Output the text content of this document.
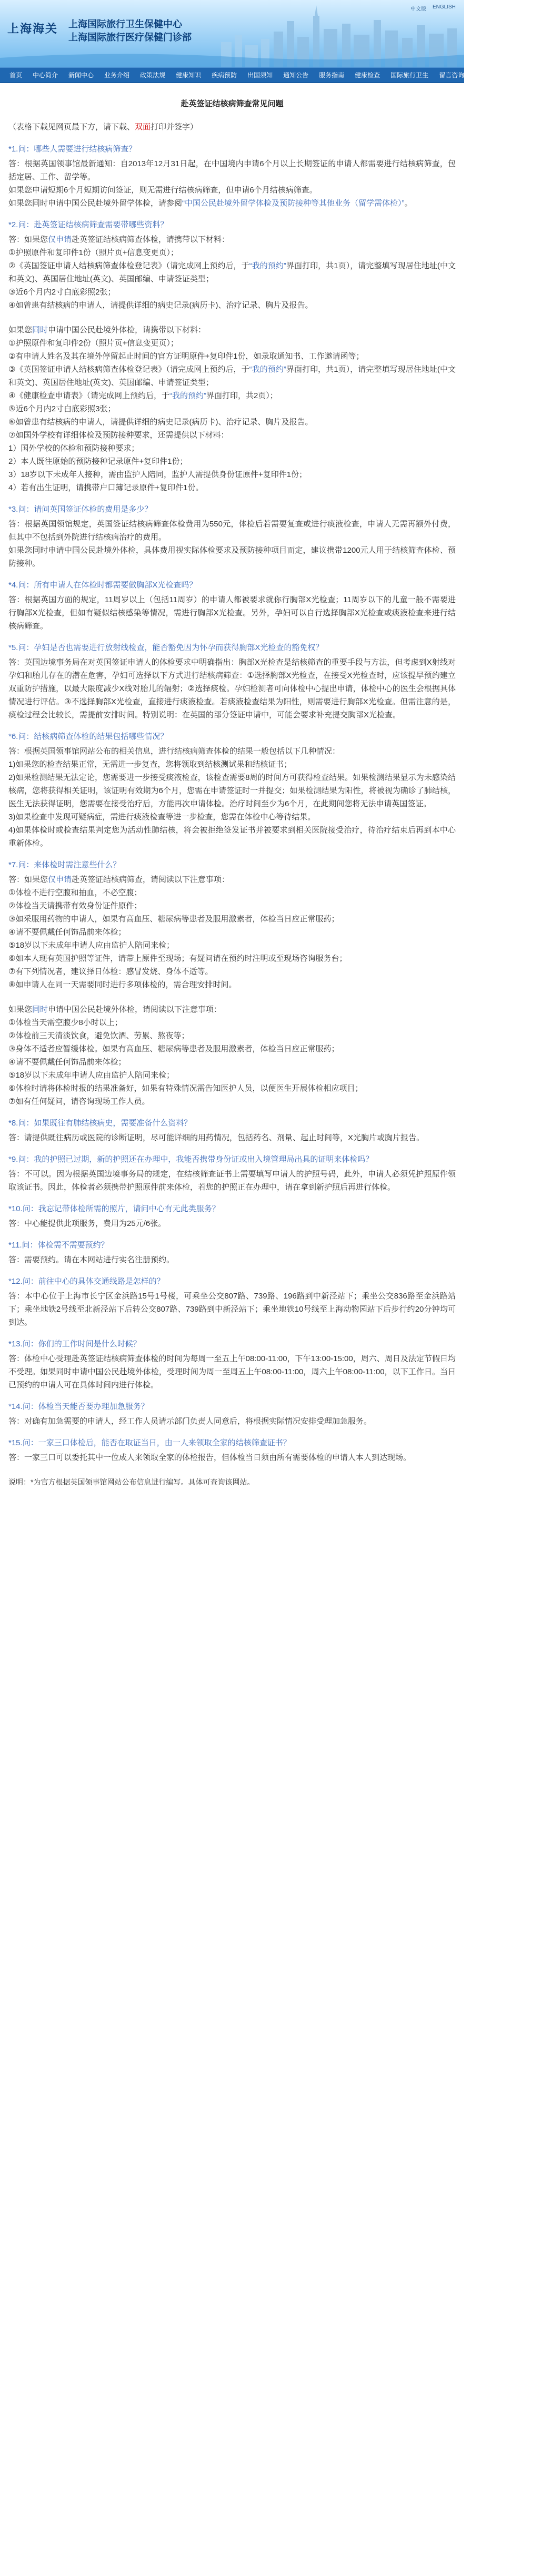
上海海关 上海国际旅行卫生保健中心
上海国际旅行医疗保健门诊部
中文版 ENGLISH
首页	中心简介	新闻中心	业务介绍	政策法规	健康知识	疾病预防	出国须知	通知公告	服务指南	健康检查	国际旅行卫生	留言咨询	健康证书	联系我们
赴英签证结核病筛查常见问题
（表格下载见网页最下方，请下载、双面打印并签字）
*1.问：哪些人需要进行结核病筛查？

答：根据英国领事馆最新通知：自2013年12月31日起，在中国境内申请6个月以上长期签证的申请人都需要进行结核病筛查，包括定居、工作、留学等。

如果您申请短期6个月短期访问签证，则无需进行结核病筛查，但申请6个月结核病筛查。

如果您同时申请中国公民赴境外留学体检，请参阅“中国公民赴境外留学体检及预防接种等其他业务（留学需体检）”。

*2.问：赴英签证结核病筛查需要带哪些资料？

答：如果您仅申请赴英签证结核病筛查体检，请携带以下材料：

①护照原件和复印件1份（照片页+信息变更页）；

②《英国签证申请人结核病筛查体检登记表》（请完成网上预约后，于“我的预约”界面打印，共1页），请完整填写现居住地址(中文和英文)、英国居住地址(英文)、英国邮编、申请签证类型；

③近6个月内2寸白底彩照2张；

④如曾患有结核病的申请人，请提供详细的病史记录(病历卡)、治疗记录、胸片及报告。

如果您同时申请中国公民赴境外体检，请携带以下材料：

①护照原件和复印件2份（照片页+信息变更页）；

②有申请人姓名及其在境外停留起止时间的官方证明原件+复印件1份，如录取通知书、工作邀请函等；

③《英国签证申请人结核病筛查体检登记表》（请完成网上预约后，于“我的预约”界面打印，共1页），请完整填写现居住地址(中文和英文)、英国居住地址(英文)、英国邮编、申请签证类型；

④《健康检查申请表》（请完成网上预约后，于“我的预约”界面打印，共2页）；

⑤近6个月内2寸白底彩照3张；

⑥如曾患有结核病的申请人，请提供详细的病史记录(病历卡)、治疗记录、胸片及报告。

⑦如国外学校有详细体检及预防接种要求，还需提供以下材料：

1）国外学校的体检和预防接种要求；

2）本人既往原始的预防接种记录原件+复印件1份；

3）18岁以下未成年人接种，需由监护人陪同，监护人需提供身份证原件+复印件1份；

4）若有出生证明，请携带户口簿记录原件+复印件1份。

*3.问：请问英国签证体检的费用是多少？

答：根据英国领馆规定，英国签证结核病筛查体检费用为550元，体检后若需要复查或进行痰液检查，申请人无需再额外付费，但其中不包括到外院进行结核病治疗的费用。

如果您同时申请中国公民赴境外体检，具体费用视实际体检要求及预防接种项目而定，建议携带1200元人用于结核筛查体检、预防接种。

*4.问：所有申请人在体检时都需要做胸部X光检查吗？

答：根据英国方面的规定，11周岁以上（包括11周岁）的申请人都被要求就你行胸部X光检查；11周岁以下的儿童一般不需要进行胸部X光检查，但如有疑似结核感染等情况，需进行胸部X光检查。另外，孕妇可以自行选择胸部X光检查或痰液检查来进行结核病筛查。

*5.问：孕妇是否也需要进行放射线检查，能否豁免因为怀孕而获得胸部X光检查的豁免权？

答：英国边境事务局在对英国签证申请人的体检要求中明确指出：胸部X光检查是结核筛查的重要手段与方法，但考虑到X射线对孕妇和胎儿存在的潜在危害，孕妇可选择以下方式进行结核病筛查：①选择胸部X光检查，在接受X光检查时，应该提早预约建立双重防护措施，以最大限度减少X线对胎儿的辐射；②选择痰检。孕妇检测者可向体检中心提出申请，体检中心的医生会根据具体情况进行评估。③不选择胸部X光检查，直接进行痰液检查。若痰液检查结果为阳性，则需要进行胸部X光检查。但需注意的是，痰检过程会比较长，需提前安排时间。特别说明：在英国的部分签证申请中，可能会要求补充提交胸部X光检查。

*6.问：结核病筛查体检的结果包括哪些情况？

答：根据英国领事馆网站公布的相关信息，进行结核病筛查体检的结果一般包括以下几种情况：

1)如果您的检查结果正常，无需进一步复查，您将领取到结核测试果和结核证书；

2)如果检测结果无法定论，您需要进一步接受痰液检查，该检查需要8周的时间方可获得检查结果。如果检测结果显示为未感染结核病，您将获得相关证明，该证明有效期为6个月，您需在申请签证时一并提交；如果检测结果为阳性，将被视为确诊了肺结核，医生无法获得证明，您需要在接受治疗后，方能再次申请体检。治疗时间至少为6个月，在此期间您将无法申请英国签证。

3)如果检查中发现可疑病症，需进行痰液检查等进一步检查，您需在体检中心等待结果。

4)如果体检时或检查结果判定您为活动性肺结核，将会被拒绝签发证书并被要求到相关医院接受治疗，待治疗结束后再到本中心重新体检。

*7.问：来体检时需注意些什么？

答：如果您仅申请赴英签证结核病筛查，请阅读以下注意事项：

①体检不进行空腹和抽血，不必空腹；

②体检当天请携带有效身份证件原件；

③如采服用药物的申请人，如果有高血压、糖尿病等患者及服用激素者，体检当日应正常服药；

④请不要佩戴任何饰品前来体检；

⑤18岁以下未成年申请人应由监护人陪同来检；

⑥如本人现有英国护照等证件，请带上原件至现场；有疑问请在预约时注明或至现场咨询服务台；

⑦有下列情况者，建议择日体检：感冒发烧、身体不适等。

⑧如申请人在同一天需要同时进行多项体检的，需合理安排时间。

如果您同时申请中国公民赴境外体检，请阅读以下注意事项：

①体检当天需空腹少8小时以上；

②体检前三天清淡饮食，避免饮酒、劳累、熬夜等；

③身体不适者应暂缓体检。如果有高血压、糖尿病等患者及服用激素者，体检当日应正常服药；

④请不要佩戴任何饰品前来体检；

⑤18岁以下未成年申请人应由监护人陪同来检；

⑥体检时请将体检时报的结果准备好，如果有特殊情况需告知医护人员，以便医生开展体检相应项目；

⑦如有任何疑问，请咨询现场工作人员。

*8.问：如果既往有肺结核病史，需要准备什么资料？

答：请提供既往病历或医院的诊断证明，尽可能详细的用药情况，包括药名、剂量、起止时间等，X光胸片或胸片报告。

*9.问：我的护照已过期，新的护照还在办理中，我能否携带身份证或出入境管理局出具的证明来体检吗？

答：不可以。因为根据英国边境事务局的规定，在结核筛查证书上需要填写申请人的护照号码，此外，申请人必须凭护照原件领取该证书。因此，体检者必须携带护照原件前来体检，若您的护照正在办理中，请在拿到新护照后再进行体检。

*10.问：我忘记带体检所需的照片，请问中心有无此类服务？

答：中心能提供此项服务，费用为25元/6张。

*11.问：体检需不需要预约？

答：需要预约。请在本网站进行实名注册预约。

*12.问：前往中心的具体交通线路是怎样的？

答：本中心位于上海市长宁区金浜路15号1号楼，可乘坐公交807路、739路、196路到中新泾站下；乘坐公交836路至金浜路站下；乘坐地铁2号线至北新泾站下后转公交807路、739路到中新泾站下；乘坐地铁10号线至上海动物园站下后步行约20分钟均可到达。

*13.问：你们的工作时间是什么时候？

答：体检中心受理赴英签证结核病筛查体检的时间为每周一至五上午08:00-11:00，下午13:00-15:00，周六、周日及法定节假日均不受理。如果同时申请中国公民赴境外体检，受理时间为周一至周五上午08:00-11:00，周六上午08:00-11:00，以下工作日。当日已预约的申请人可在具体时间内进行体检。

*14.问：体检当天能否要办理加急服务？

答：对确有加急需要的申请人，经工作人员请示部门负责人同意后，将根据实际情况安排受理加急服务。

*15.问：一家三口体检后，能否在取证当日，由一人来领取全家的结核筛查证书？

答：一家三口可以委托其中一位成人来领取全家的体检报告，但体检当日须由所有需要体检的申请人本人到达现场。

说明：*为官方根据英国领事馆网站公布信息进行编写。具体可查询该网站。
